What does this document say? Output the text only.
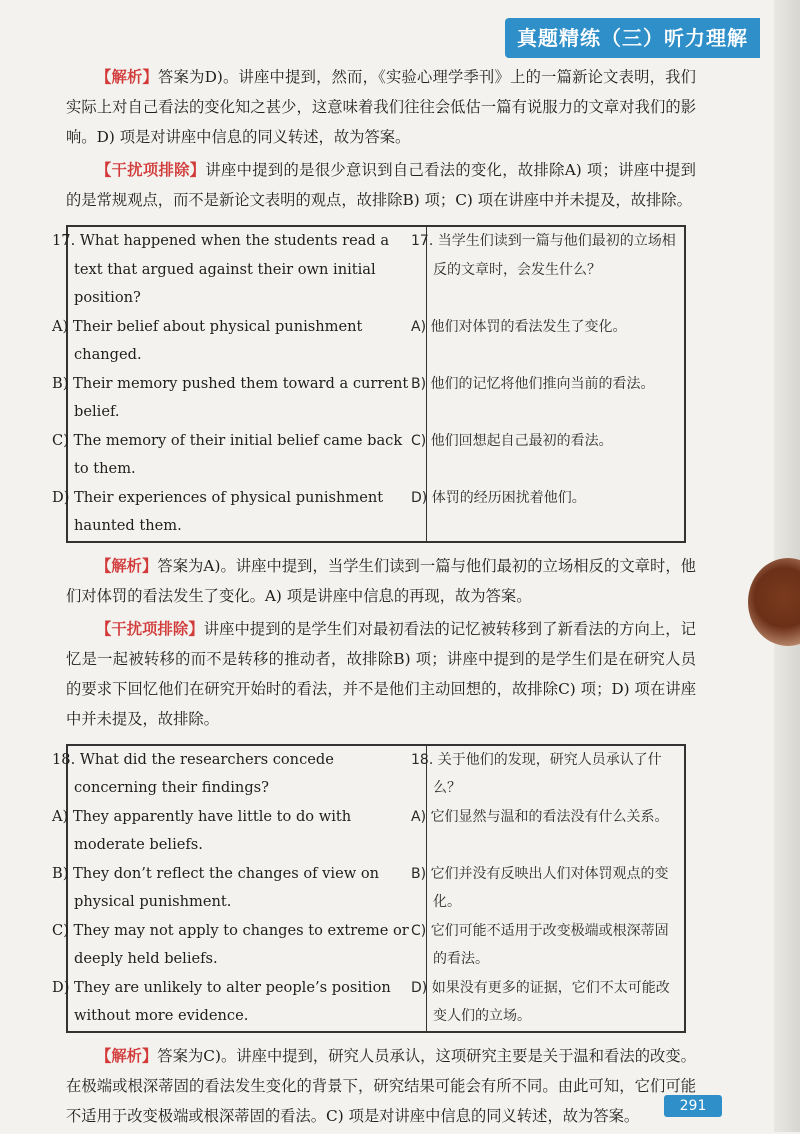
真题精练（三）听力理解

【解析】答案为D)。讲座中提到，然而，《实验心理学季刊》上的一篇新论文表明，我们实际上对自己看法的变化知之甚少，这意味着我们往往会低估一篇有说服力的文章对我们的影响。D) 项是对讲座中信息的同义转述，故为答案。

【干扰项排除】讲座中提到的是很少意识到自己看法的变化，故排除A) 项；讲座中提到的是常规观点，而不是新论文表明的观点，故排除B) 项；C) 项在讲座中并未提及，故排除。

17. What happened when the students read a text that argued against their own initial position?	17. 当学生们读到一篇与他们最初的立场相反的文章时，会发生什么？
A) Their belief about physical punishment changed.	A) 他们对体罚的看法发生了变化。
B) Their memory pushed them toward a current belief.	B) 他们的记忆将他们推向当前的看法。
C) The memory of their initial belief came back to them.	C) 他们回想起自己最初的看法。
D) Their experiences of physical punishment haunted them.	D) 体罚的经历困扰着他们。

【解析】答案为A)。讲座中提到，当学生们读到一篇与他们最初的立场相反的文章时，他们对体罚的看法发生了变化。A) 项是讲座中信息的再现，故为答案。

【干扰项排除】讲座中提到的是学生们对最初看法的记忆被转移到了新看法的方向上，记忆是一起被转移的而不是转移的推动者，故排除B) 项；讲座中提到的是学生们是在研究人员的要求下回忆他们在研究开始时的看法，并不是他们主动回想的，故排除C) 项；D) 项在讲座中并未提及，故排除。

18. What did the researchers concede concerning their findings?	18. 关于他们的发现，研究人员承认了什么？
A) They apparently have little to do with moderate beliefs.	A) 它们显然与温和的看法没有什么关系。
B) They don’t reflect the changes of view on physical punishment.	B) 它们并没有反映出人们对体罚观点的变化。
C) They may not apply to changes to extreme or deeply held beliefs.	C) 它们可能不适用于改变极端或根深蒂固的看法。
D) They are unlikely to alter people’s position without more evidence.	D) 如果没有更多的证据，它们不太可能改变人们的立场。

【解析】答案为C)。讲座中提到，研究人员承认，这项研究主要是关于温和看法的改变。在极端或根深蒂固的看法发生变化的背景下，研究结果可能会有所不同。由此可知，它们可能不适用于改变极端或根深蒂固的看法。C) 项是对讲座中信息的同义转述，故为答案。

291
